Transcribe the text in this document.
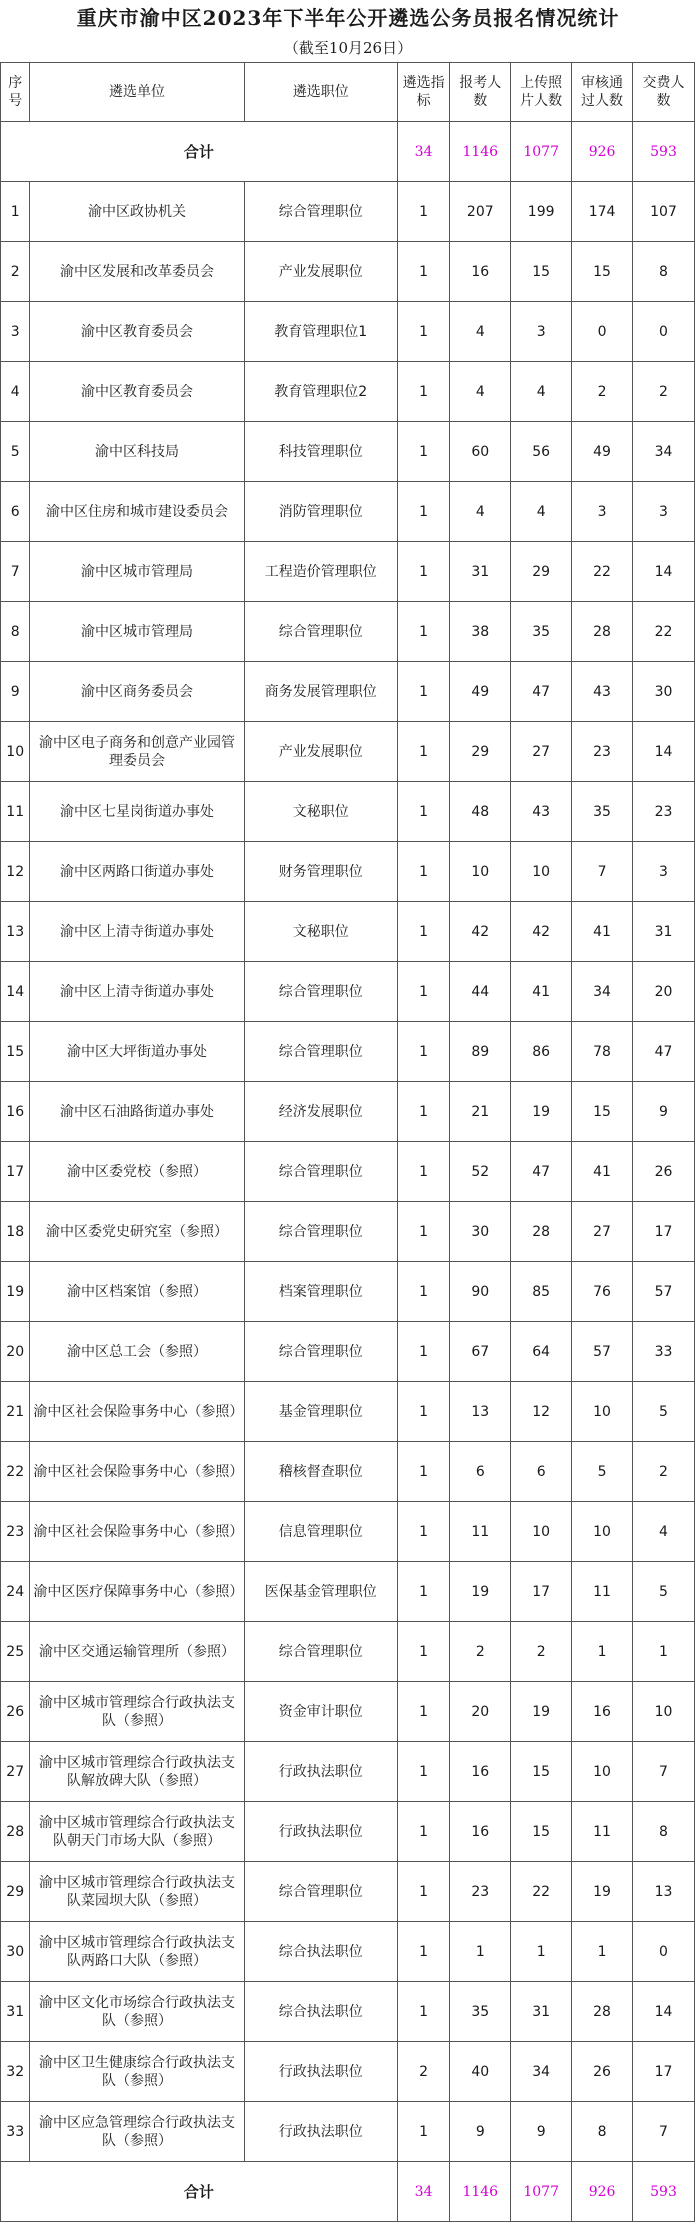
重庆市渝中区2023年下半年公开遴选公务员报名情况统计
（截至10月26日）
序号	遴选单位	遴选职位	遴选指标	报考人数	上传照片人数	审核通过人数	交费人数
合计			34	1146	1077	926	593
1	渝中区政协机关	综合管理职位	1	207	199	174	107
2	渝中区发展和改革委员会	产业发展职位	1	16	15	15	8
3	渝中区教育委员会	教育管理职位1	1	4	3	0	0
4	渝中区教育委员会	教育管理职位2	1	4	4	2	2
5	渝中区科技局	科技管理职位	1	60	56	49	34
6	渝中区住房和城市建设委员会	消防管理职位	1	4	4	3	3
7	渝中区城市管理局	工程造价管理职位	1	31	29	22	14
8	渝中区城市管理局	综合管理职位	1	38	35	28	22
9	渝中区商务委员会	商务发展管理职位	1	49	47	43	30
10	渝中区电子商务和创意产业园管理委员会	产业发展职位	1	29	27	23	14
11	渝中区七星岗街道办事处	文秘职位	1	48	43	35	23
12	渝中区两路口街道办事处	财务管理职位	1	10	10	7	3
13	渝中区上清寺街道办事处	文秘职位	1	42	42	41	31
14	渝中区上清寺街道办事处	综合管理职位	1	44	41	34	20
15	渝中区大坪街道办事处	综合管理职位	1	89	86	78	47
16	渝中区石油路街道办事处	经济发展职位	1	21	19	15	9
17	渝中区委党校（参照）	综合管理职位	1	52	47	41	26
18	渝中区委党史研究室（参照）	综合管理职位	1	30	28	27	17
19	渝中区档案馆（参照）	档案管理职位	1	90	85	76	57
20	渝中区总工会（参照）	综合管理职位	1	67	64	57	33
21	渝中区社会保险事务中心（参照）	基金管理职位	1	13	12	10	5
22	渝中区社会保险事务中心（参照）	稽核督查职位	1	6	6	5	2
23	渝中区社会保险事务中心（参照）	信息管理职位	1	11	10	10	4
24	渝中区医疗保障事务中心（参照）	医保基金管理职位	1	19	17	11	5
25	渝中区交通运输管理所（参照）	综合管理职位	1	2	2	1	1
26	渝中区城市管理综合行政执法支队（参照）	资金审计职位	1	20	19	16	10
27	渝中区城市管理综合行政执法支队解放碑大队（参照）	行政执法职位	1	16	15	10	7
28	渝中区城市管理综合行政执法支队朝天门市场大队（参照）	行政执法职位	1	16	15	11	8
29	渝中区城市管理综合行政执法支队菜园坝大队（参照）	综合管理职位	1	23	22	19	13
30	渝中区城市管理综合行政执法支队两路口大队（参照）	综合执法职位	1	1	1	1	0
31	渝中区文化市场综合行政执法支队（参照）	综合执法职位	1	35	31	28	14
32	渝中区卫生健康综合行政执法支队（参照）	行政执法职位	2	40	34	26	17
33	渝中区应急管理综合行政执法支队（参照）	行政执法职位	1	9	9	8	7
合计			34	1146	1077	926	593
